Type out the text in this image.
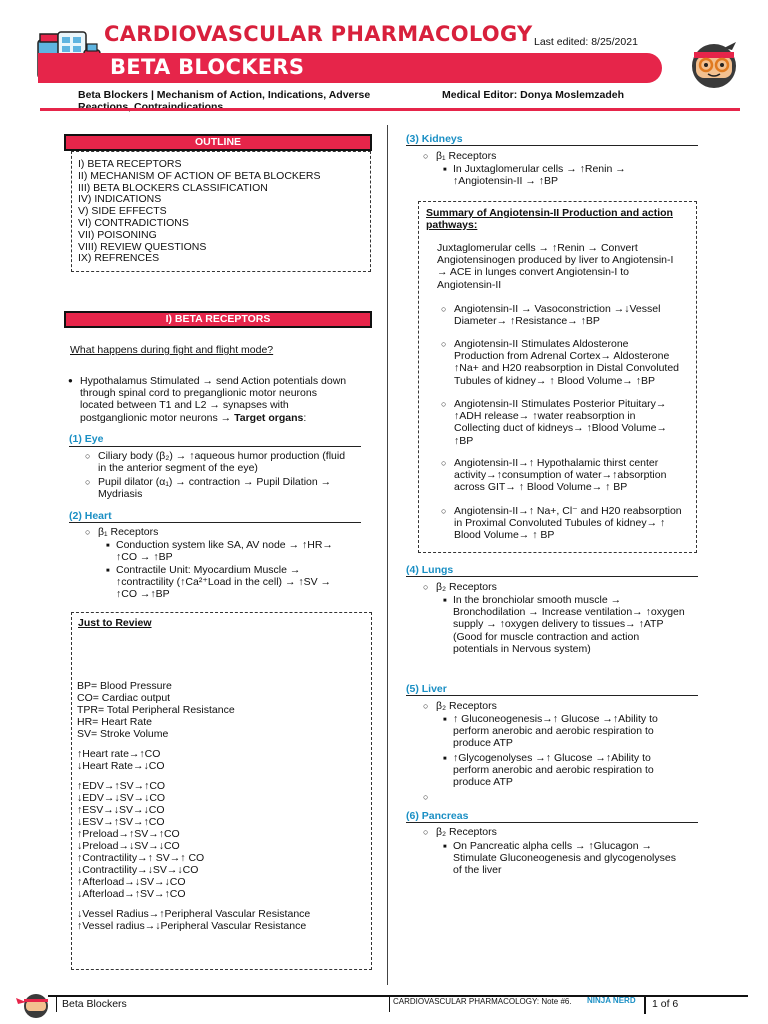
CARDIOVASCULAR PHARMACOLOGY
BETA BLOCKERS
Last edited: 8/25/2021
Beta Blockers | Mechanism of Action, Indications, Adverse	Medical Editor: Donya Moslemzadeh
OUTLINE
I) BETA RECEPTORS
II) MECHANISM OF ACTION OF BETA BLOCKERS
III) BETA BLOCKERS CLASSIFICATION
IV) INDICATIONS
V) SIDE EFFECTS
VI) CONTRADICTIONS
VII) POISONING
VIII) REVIEW QUESTIONS
IX) REFRENCES
I) BETA RECEPTORS
What happens during fight and flight mode?
● Hypothalamus Stimulated → send Action potentials down
through spinal cord to preganglionic motor neurons
located between T1 and L2 → synapses with
postganglionic motor neurons → Target organs:
(1) Eye
○ Ciliary body (β₂) → ↑aqueous humor production (fluid
in the anterior segment of the eye)
○ Pupil dilator (α₁) → contraction → Pupil Dilation →
Mydriasis
(2) Heart
○ β₁ Receptors
■ Conduction system like SA, AV node → ↑HR→
↑CO → ↑BP
■ Contractile Unit: Myocardium Muscle →
↑contractility (↑Ca²⁺Load in the cell) → ↑SV →
↑CO →↑BP
Just to Review
BP= Blood Pressure
CO= Cardiac output
TPR= Total Peripheral Resistance
HR= Heart Rate
SV= Stroke Volume
↑Heart rate→↑CO
↓Heart Rate→↓CO
↑EDV→↑SV→↑CO
↓EDV→↓SV→↓CO
↑ESV→↓SV→↓CO
↓ESV→↑SV→↑CO
↑Preload→↑SV→↑CO
↓Preload→↓SV→↓CO
↑Contractility→↑ SV→↑ CO
↓Contractility→↓SV→↓CO
↑Afterload→↓SV→↓CO
↓Afterload→↑SV→↑CO
↓Vessel Radius→↑Peripheral Vascular Resistance
↑Vessel radius→↓Peripheral Vascular Resistance
(3) Kidneys
○ β₁ Receptors
■ In Juxtaglomerular cells → ↑Renin →
↑Angiotensin-II → ↑BP
Summary of Angiotensin-II Production and action pathways:
Juxtaglomerular cells → ↑Renin → Convert
Angiotensinogen produced by liver to Angiotensin-I
→ ACE in lunges convert Angiotensin-I to
Angiotensin-II
○ Angiotensin-II → Vasoconstriction →↓Vessel
Diameter→ ↑Resistance→ ↑BP
○ Angiotensin-II Stimulates Aldosterone
Production from Adrenal Cortex→ Aldosterone
↑Na+ and H20 reabsorption in Distal Convoluted
Tubules of kidney→ ↑ Blood Volume→ ↑BP
○ Angiotensin-II Stimulates Posterior Pituitary→
↑ADH release→ ↑water reabsorption in
Collecting duct of kidneys→ ↑Blood Volume→
↑BP
○ Angiotensin-II→↑ Hypothalamic thirst center
activity→↑consumption of water→↑absorption
across GIT→ ↑ Blood Volume→ ↑ BP
○ Angiotensin-II→↑ Na+, Cl⁻ and H20 reabsorption
in Proximal Convoluted Tubules of kidney→ ↑
Blood Volume→ ↑ BP
(4) Lungs
○ β₂ Receptors
■ In the bronchiolar smooth muscle →
Bronchodilation → Increase ventilation→ ↑oxygen
supply → ↑oxygen delivery to tissues→ ↑ATP
(Good for muscle contraction and action
potentials in Nervous system)
(5) Liver
○ β₂ Receptors
■ ↑ Gluconeogenesis→↑ Glucose →↑Ability to
perform anerobic and aerobic respiration to
produce ATP
■ ↑Glycogenolyses →↑ Glucose →↑Ability to
perform anerobic and aerobic respiration to
produce ATP
○
(6) Pancreas
○ β₂ Receptors
■ On Pancreatic alpha cells → ↑Glucagon →
Stimulate Gluconeogenesis and glycogenolyses
of the liver
Beta Blockers	CARDIOVASCULAR PHARMACOLOGY: Note #6. NINJA NERD 1 of 6
